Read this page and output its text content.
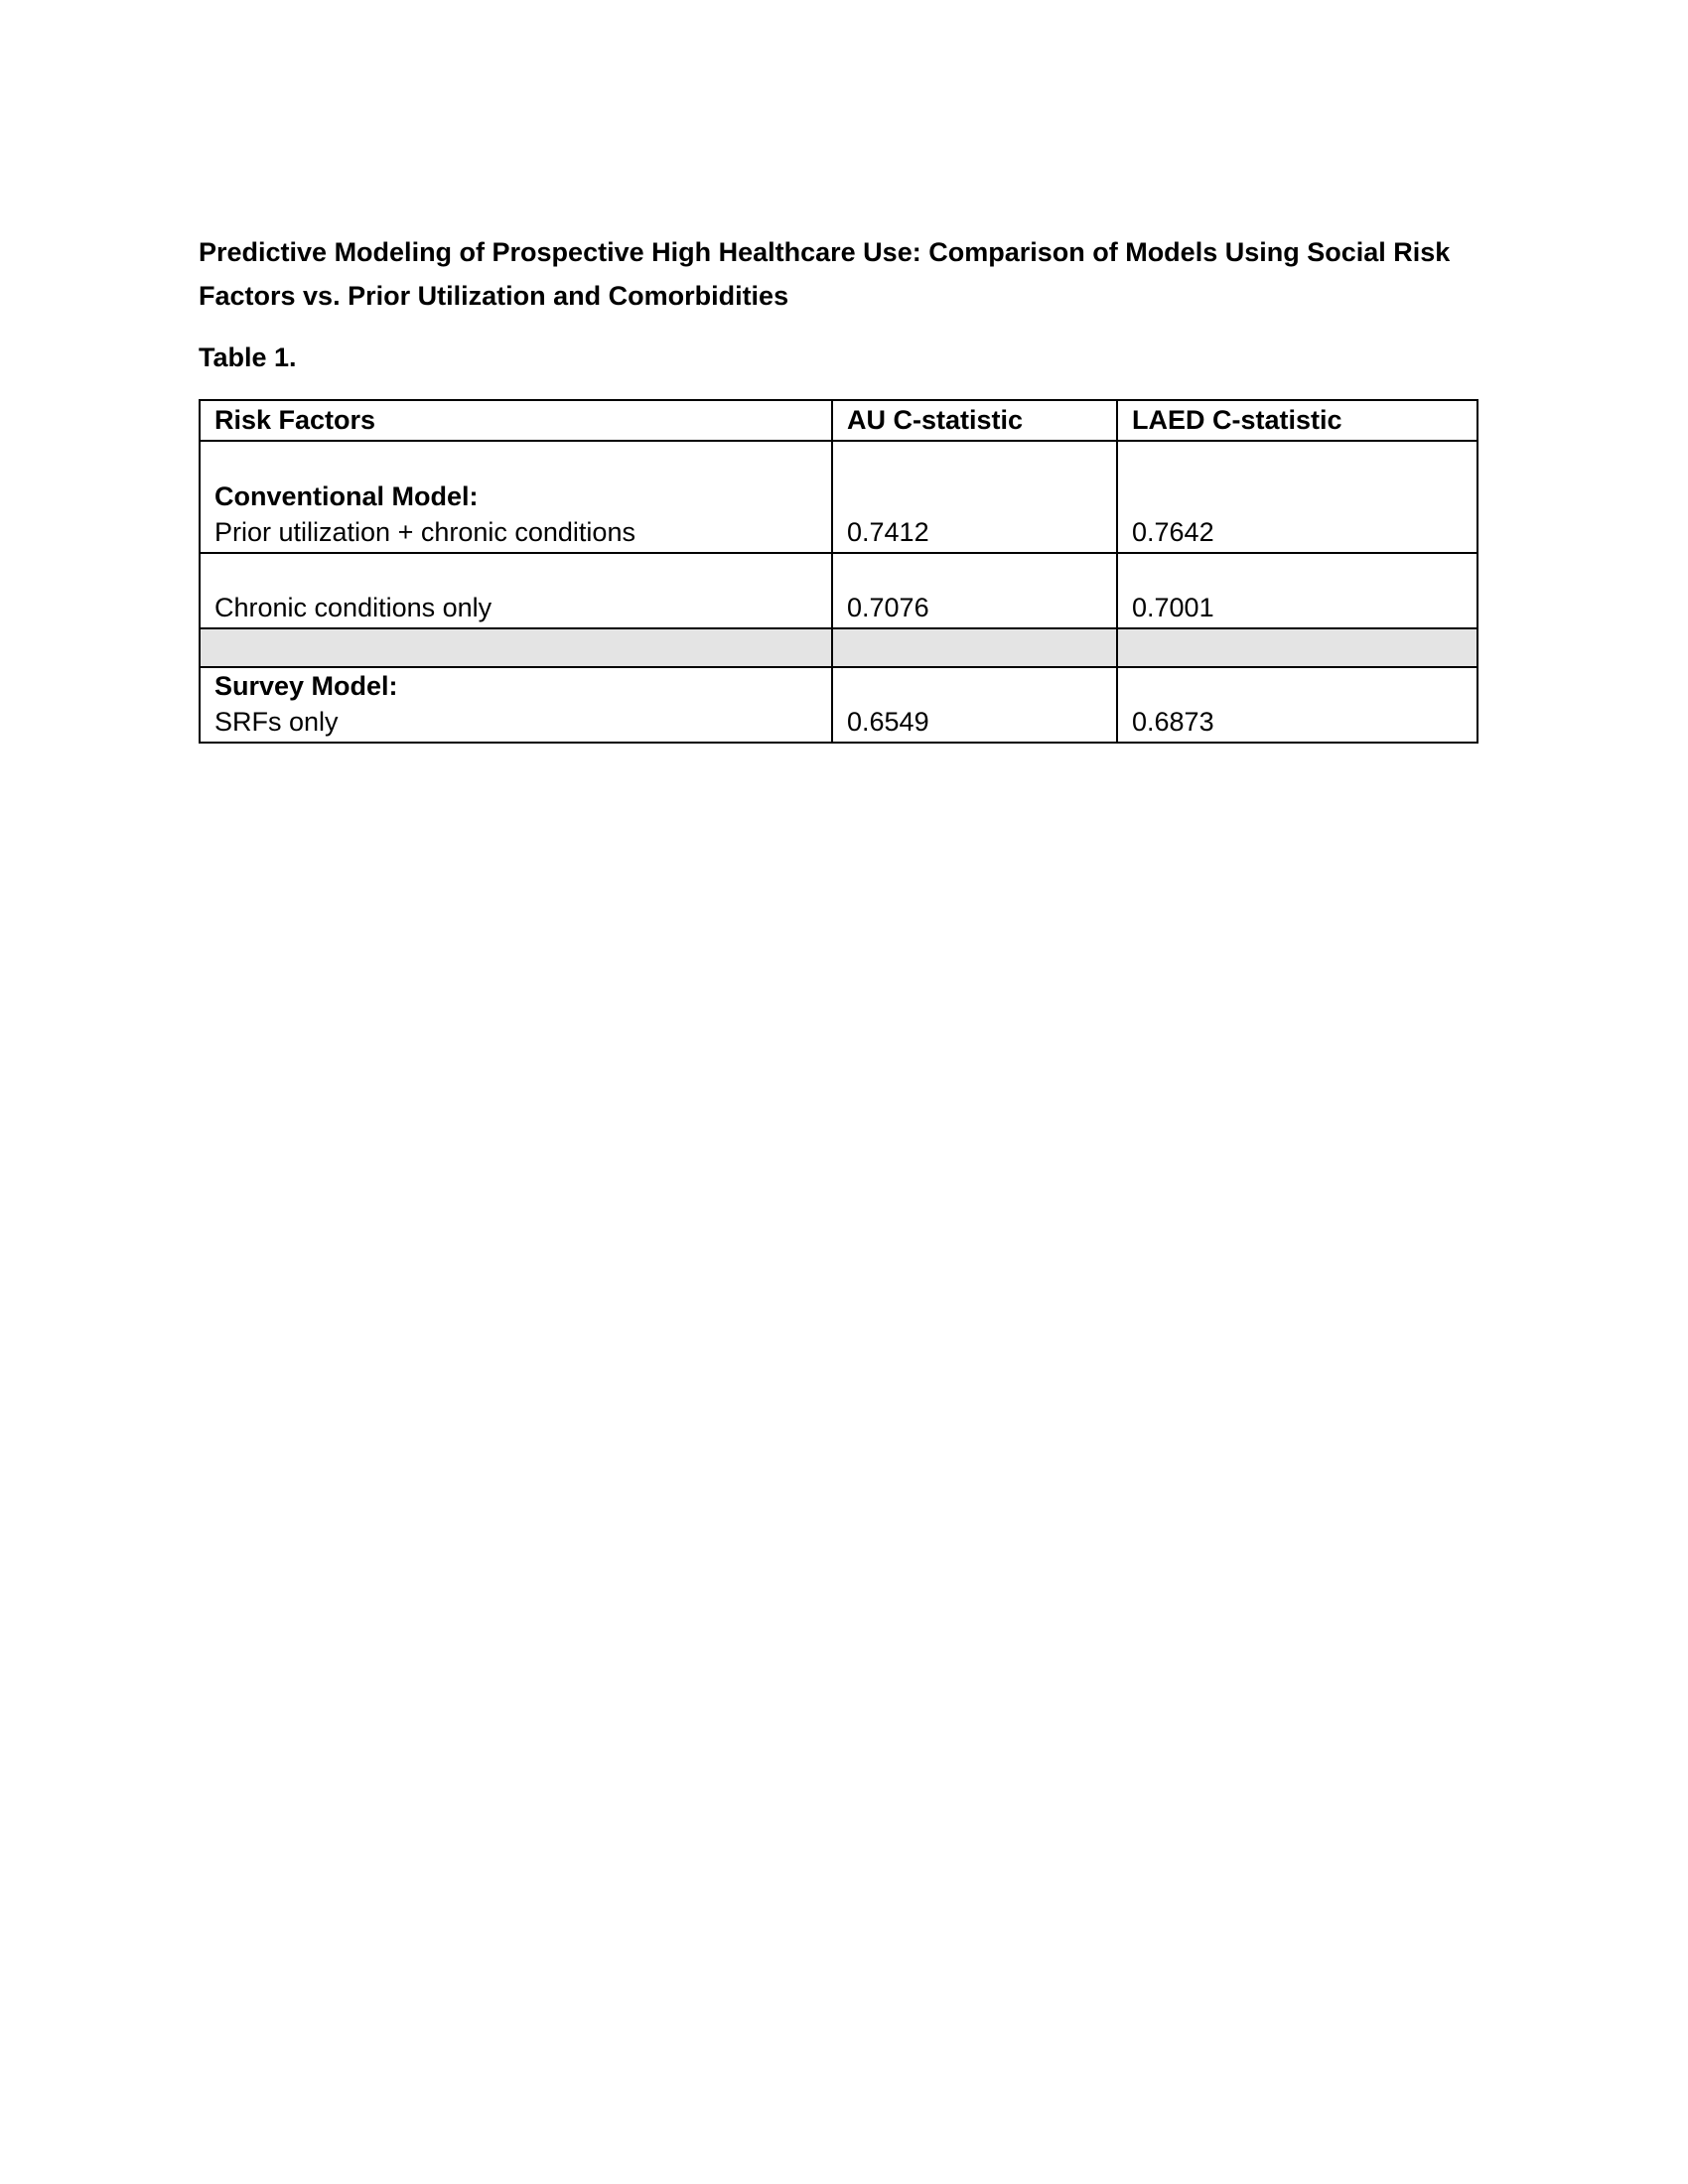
Predictive Modeling of Prospective High Healthcare Use: Comparison of Models Using Social Risk Factors vs. Prior Utilization and Comorbidities

Table 1.

Risk Factors	AU C-statistic	LAED C-statistic

Conventional Model:
Prior utilization + chronic conditions	0.7412	0.7642

Chronic conditions only	0.7076	0.7001

Survey Model:
SRFs only	0.6549	0.6873
